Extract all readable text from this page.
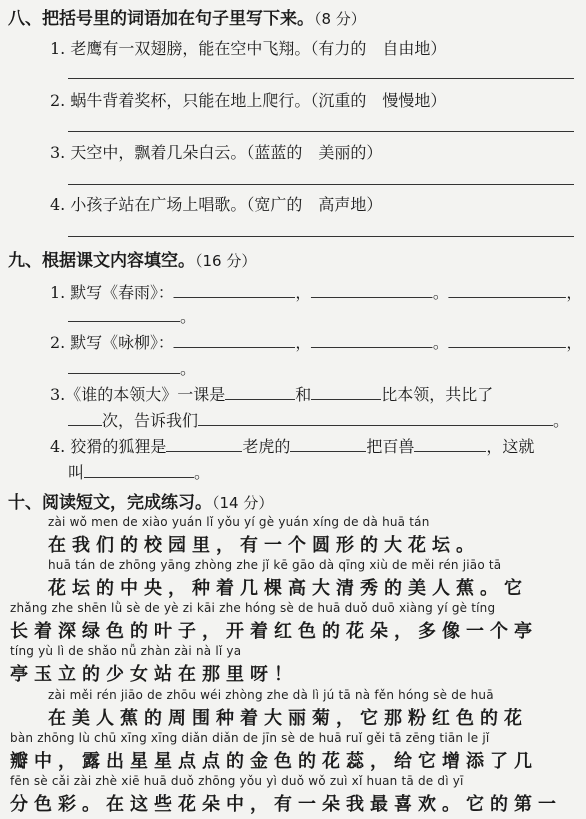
八、把括号里的词语加在句子里写下来。（8 分）
1. 老鹰有一双翅膀，能在空中飞翔。（有力的　自由地）
2. 蜗牛背着奖杯，只能在地上爬行。（沉重的　慢慢地）
3. 天空中，飘着几朵白云。（蓝蓝的　美丽的）
4. 小孩子站在广场上唱歌。（宽广的　高声地）
九、根据课文内容填空。（16 分）
1. 默写《春雨》：	，	。	，
。
2. 默写《咏柳》：	，	。	，
。
3.《谁的本领大》一课是	和	比本领，共比了
次，告诉我们	。
4. 狡猾的狐狸是	老虎的	把百兽	，这就
叫	。
十、阅读短文，完成练习。（14 分）
zài wǒ men de xiào yuán lǐ yǒu yí gè yuán xíng de dà huā tán
在我们的校园里，有一个圆形的大花坛。
huā tán de zhōng yāng zhòng zhe jǐ kē gāo dà qīng xiù de měi rén jiāo tā
花坛的中央，种着几棵高大清秀的美人蕉。它
zhǎng zhe shēn lǜ sè de yè zi kāi zhe hóng sè de huā duǒ duō xiàng yí gè tíng
长着深绿色的叶子，开着红色的花朵，多像一个亭
tíng yù lì de shǎo nǚ zhàn zài nà lǐ ya
亭玉立的少女站在那里呀！
zài měi rén jiāo de zhōu wéi zhòng zhe dà lì jú tā nà fěn hóng sè de huā
在美人蕉的周围种着大丽菊，它那粉红色的花
bàn zhōng lù chū xīng xīng diǎn diǎn de jīn sè de huā ruǐ gěi tā zēng tiān le jǐ
瓣中，露出星星点点的金色的花蕊，给它增添了几
fēn sè cǎi zài zhè xiē huā duǒ zhōng yǒu yì duǒ wǒ zuì xǐ huan tā de dì yī
分色彩。在这些花朵中，有一朵我最喜欢。它的第一
